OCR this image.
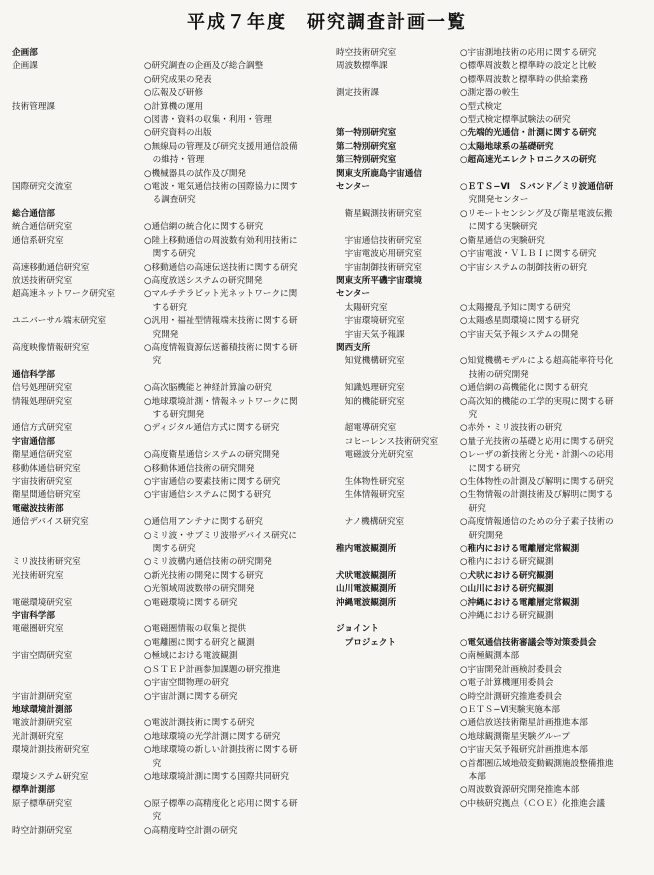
平成７年度　研究調査計画一覧
企画部
企画課	○研究調査の企画及び総合調整
○研究成果の発表
○広報及び研修
技術管理課	○計算機の運用
○図書・資料の収集・利用・管理
○研究資料の出版
○無線局の管理及び研究支援用通信設備
　の維持・管理
○機械器具の試作及び開発
国際研究交流室	○電波・電気通信技術の国際協力に関す
　る調査研究
総合通信部
統合通信研究室	○通信網の統合化に関する研究
通信系研究室	○陸上移動通信の周波数有効利用技術に
　関する研究
高速移動通信研究室	○移動通信の高速伝送技術に関する研究
放送技術研究室	○高度放送システムの研究開発
超高速ネットワーク研究室	○マルチテラビット光ネットワークに関
　する研究
ユニバーサル端末研究室	○汎用・福祉型情報端末技術に関する研
　究開発
高度映像情報研究室	○高度情報資源伝送蓄積技術に関する研
　究
通信科学部
信号処理研究室	○高次脳機能と神経計算論の研究
情報処理研究室	○地球環境計測・情報ネットワークに関
　する研究開発
通信方式研究室	○ディジタル通信方式に関する研究
宇宙通信部
衛星通信研究室	○高度衛星通信システムの研究開発
移動体通信研究室	○移動体通信技術の研究開発
宇宙技術研究室	○宇宙通信の要素技術に関する研究
衛星間通信研究室	○宇宙通信システムに関する研究
電磁波技術部
通信デバイス研究室	○通信用アンテナに関する研究
○ミリ波・サブミリ波帯デバイス研究に
　関する研究
ミリ波技術研究室	○ミリ波構内通信技術の研究開発
光技術研究室	○新光技術の開発に関する研究
○光領域周波数帯の研究開発
電磁環境研究室	○電磁環境に関する研究
宇宙科学部
電磁圏研究室	○電磁圏情報の収集と提供
○電離圏に関する研究と観測
宇宙空間研究室	○極域における電波観測
○ＳＴＥＰ計画参加課題の研究推進
○宇宙空間物理の研究
宇宙計測研究室	○宇宙計測に関する研究
地球環境計測部
電波計測研究室	○電波計測技術に関する研究
光計測研究室	○地球環境の光学計測に関する研究
環境計測技術研究室	○地球環境の新しい計測技術に関する研
　究
環境システム研究室	○地球環境計測に関する国際共同研究
標準計測部
原子標準研究室	○原子標準の高精度化と応用に関する研
　究
時空計測研究室	○高精度時空計測の研究
時空技術研究室	○宇宙測地技術の応用に関する研究
周波数標準課	○標準周波数と標準時の設定と比較
○標準周波数と標準時の供給業務
測定技術課	○測定器の較生
○型式検定
○型式検定標準試験法の研究
第一特別研究室	○先端的光通信・計測に関する研究
第二特別研究室	○太陽地球系の基礎研究
第三特別研究室	○超高速光エレクトロニクスの研究
関東支所鹿島宇宙通信
センター	○ＥＴＳ−Ⅵ　Ｓバンド／ミリ波通信研
　究開発センター
　衛星観測技術研究室	○リモートセンシング及び衛星電波伝搬
　に関する実験研究
　宇宙通信技術研究室	○衛星通信の実験研究
　宇宙電波応用研究室	○宇宙電波・ＶＬＢＩに関する研究
　宇宙制御技術研究室	○宇宙システムの制御技術の研究
関東支所平磯宇宙環境
センター
　太陽研究室	○太陽擾乱予知に関する研究
　宇宙環境研究室	○太陽惑星間環境に関する研究
　宇宙天気予報課	○宇宙天気予報システムの開発
関西支所
　知覚機構研究室	○知覚機構モデルによる超高能率符号化
　技術の研究開発
　知識処理研究室	○通信網の高機能化に関する研究
　知的機能研究室	○高次知的機能の工学的実現に関する研
　究
　超電導研究室	○赤外・ミリ波技術の研究
　コヒーレンス技術研究室	○量子光技術の基礎と応用に関する研究
　電磁波分光研究室	○レーザの新技術と分光・計測への応用
　に関する研究
　生体物性研究室	○生体物性の計測及び解明に関する研究
　生体情報研究室	○生物情報の計測技術及び解明に関する
　研究
　ナノ機構研究室	○高度情報通信のための分子素子技術の
　研究開発
稚内電波観測所	○稚内における電離層定常観測
○稚内における研究観測
犬吠電波観測所	○犬吠における研究観測
山川電波観測所	○山川における研究観測
沖縄電波観測所	○沖縄における電離層定常観測
○沖縄における研究観測
ジョイント
　プロジェクト	○電気通信技術審議会等対策委員会
○南極観測本部
○宇宙開発計画検討委員会
○電子計算機運用委員会
○時空計測研究推進委員会
○ＥＴＳ−Ⅵ実験実施本部
○通信放送技術衛星計画推進本部
○地球観測衛星実験グループ
○宇宙天気予報研究計画推進本部
○首都圏広域地殻変動観測施設整備推進
　本部
○周波数資源研究開発推進本部
○中核研究拠点（ＣＯＥ）化推進会議
